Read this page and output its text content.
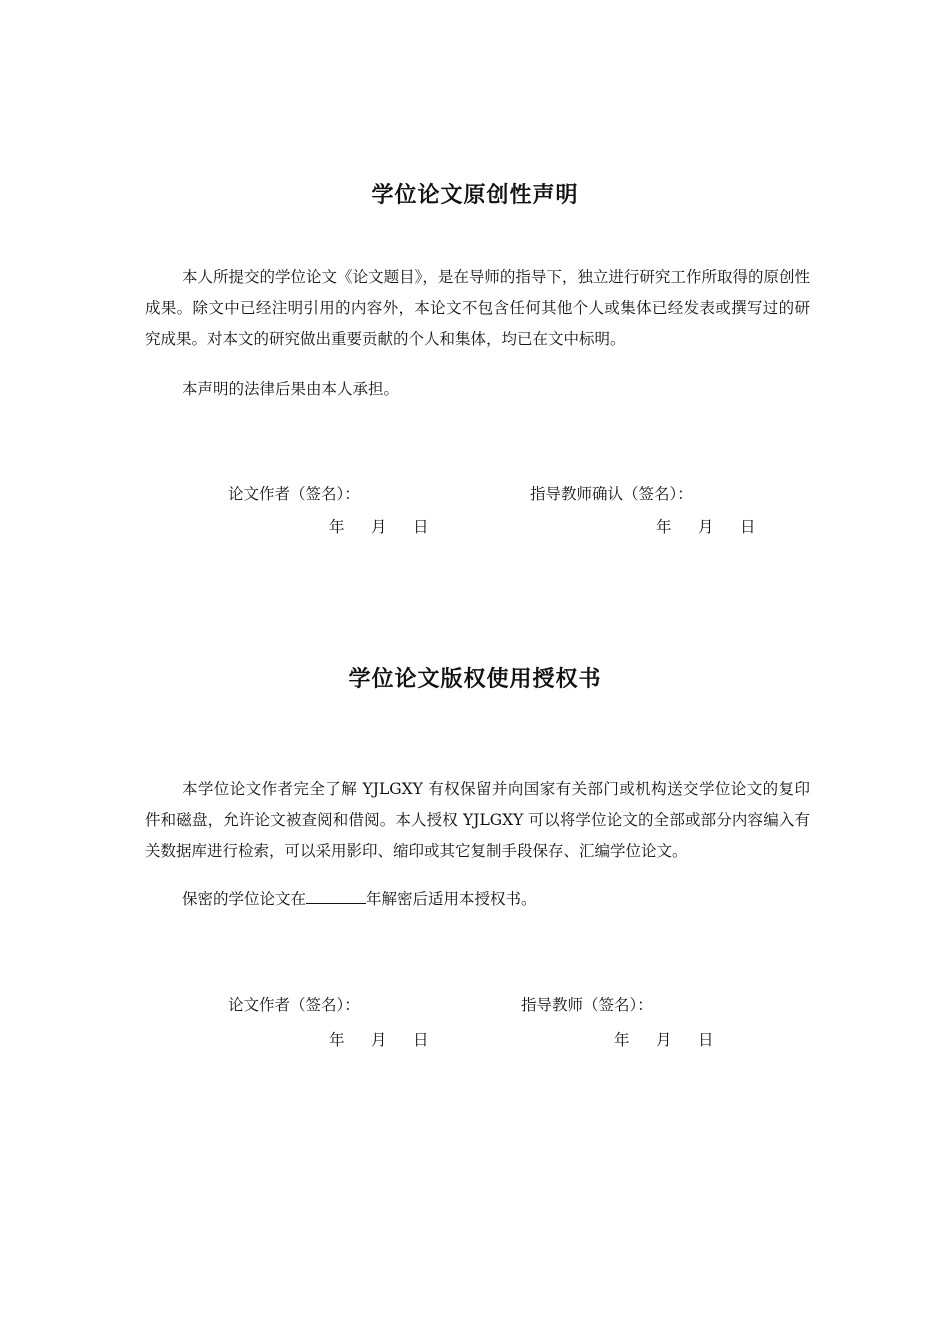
学位论文原创性声明
本人所提交的学位论文《论文题目》，是在导师的指导下，独立进行研究工作所取得的原创性成果。除文中已经注明引用的内容外，本论文不包含任何其他个人或集体已经发表或撰写过的研究成果。对本文的研究做出重要贡献的个人和集体，均已在文中标明。
本声明的法律后果由本人承担。
论文作者（签名）：	指导教师确认（签名）：
年 月 日	年 月 日
学位论文版权使用授权书
本学位论文作者完全了解 YJLGXY 有权保留并向国家有关部门或机构送交学位论文的复印件和磁盘，允许论文被查阅和借阅。本人授权 YJLGXY 可以将学位论文的全部或部分内容编入有关数据库进行检索，可以采用影印、缩印或其它复制手段保存、汇编学位论文。
保密的学位论文在	年解密后适用本授权书。
论文作者（签名）：	指导教师（签名）：
年 月 日	年 月 日
